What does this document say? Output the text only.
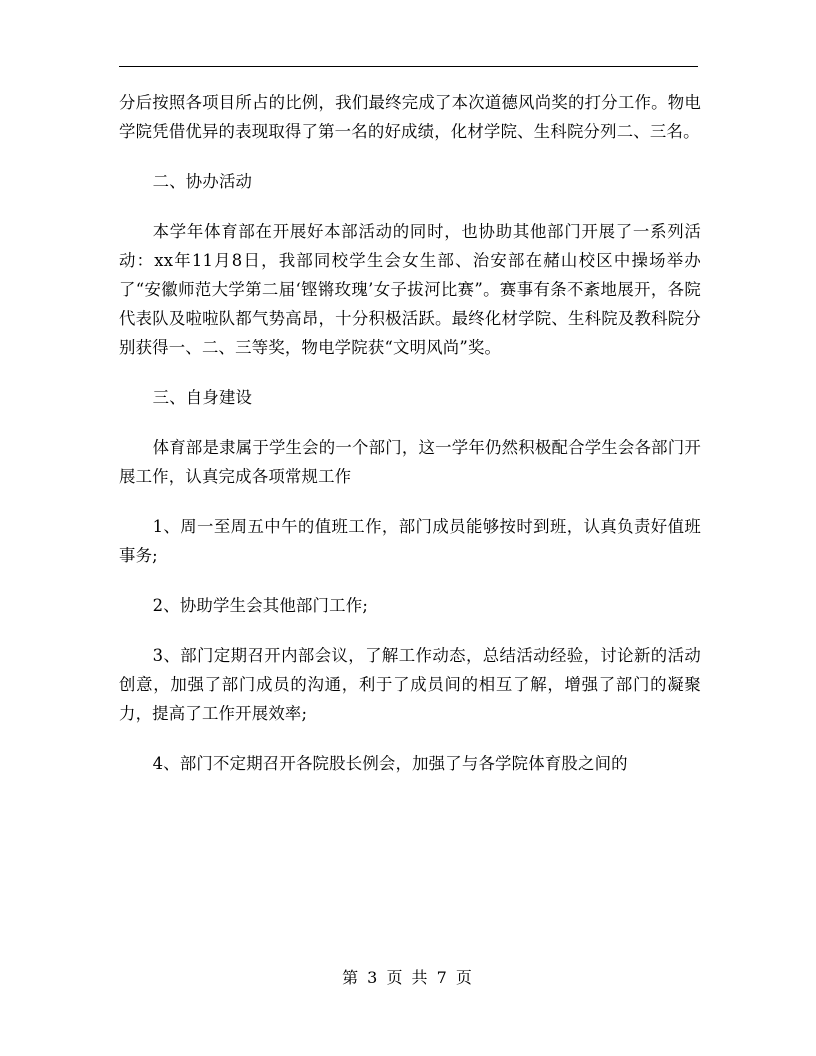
分后按照各项目所占的比例，我们最终完成了本次道德风尚奖的打分工作。物电学院凭借优异的表现取得了第一名的好成绩，化材学院、生科院分列二、三名。

二、协办活动

本学年体育部在开展好本部活动的同时，也协助其他部门开展了一系列活动：xx年11月8日，我部同校学生会女生部、治安部在赭山校区中操场举办了“安徽师范大学第二届‘铿锵玫瑰’女子拔河比赛”。赛事有条不紊地展开，各院代表队及啦啦队都气势高昂，十分积极活跃。最终化材学院、生科院及教科院分别获得一、二、三等奖，物电学院获“文明风尚”奖。

三、自身建设

体育部是隶属于学生会的一个部门，这一学年仍然积极配合学生会各部门开展工作，认真完成各项常规工作

1、周一至周五中午的值班工作，部门成员能够按时到班，认真负责好值班事务;

2、协助学生会其他部门工作;

3、部门定期召开内部会议，了解工作动态，总结活动经验，讨论新的活动创意，加强了部门成员的沟通，利于了成员间的相互了解，增强了部门的凝聚力，提高了工作开展效率;

4、部门不定期召开各院股长例会，加强了与各学院体育股之间的

第 3 页 共 7 页
